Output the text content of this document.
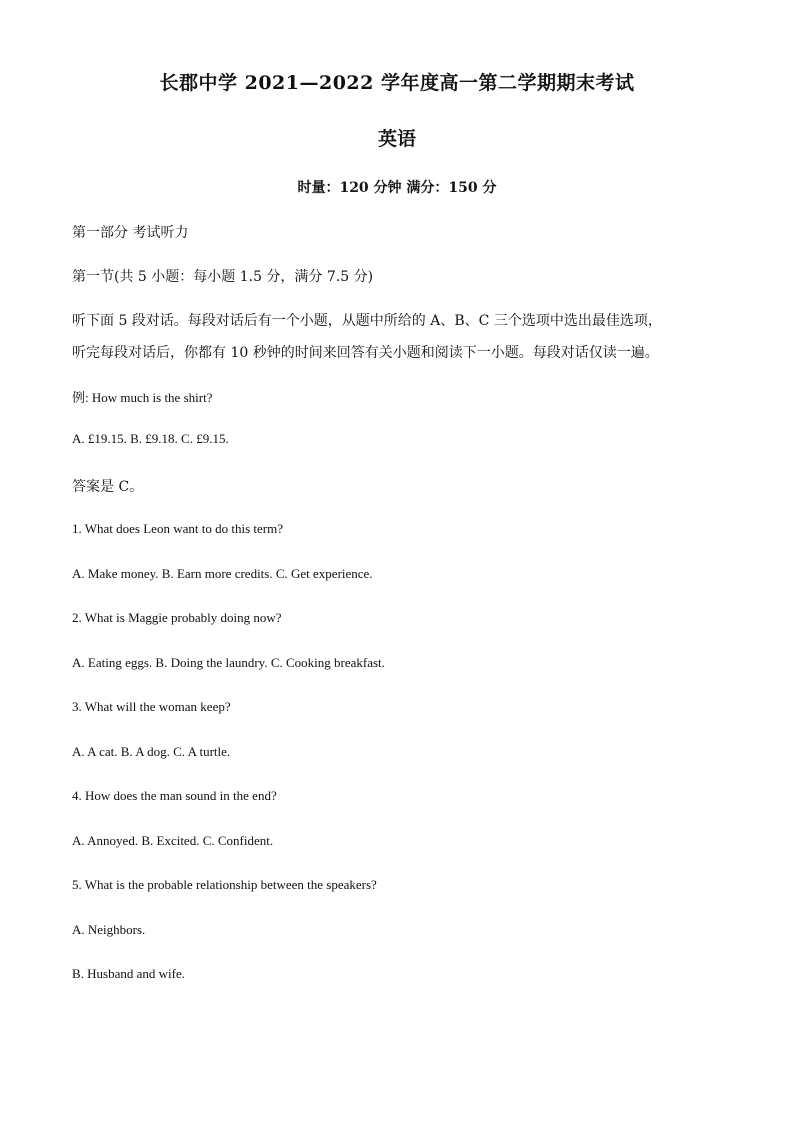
长郡中学 2021—2022 学年度高一第二学期期末考试
英语
时量：120 分钟 满分：150 分
第一部分 考试听力
第一节(共 5 小题：每小题 1.5 分，满分 7.5 分)
听下面 5 段对话。每段对话后有一个小题，从题中所给的 A、B、C 三个选项中选出最佳选项，
听完每段对话后，你都有 10 秒钟的时间来回答有关小题和阅读下一小题。每段对话仅读一遍。
例: How much is the shirt?
A. £19.15. B. £9.18. C. £9.15.
答案是 C。
1. What does Leon want to do this term?
A. Make money. B. Earn more credits. C. Get experience.
2. What is Maggie probably doing now?
A. Eating eggs. B. Doing the laundry. C. Cooking breakfast.
3. What will the woman keep?
A. A cat. B. A dog. C. A turtle.
4. How does the man sound in the end?
A. Annoyed. B. Excited. C. Confident.
5. What is the probable relationship between the speakers?
A. Neighbors.
B. Husband and wife.
